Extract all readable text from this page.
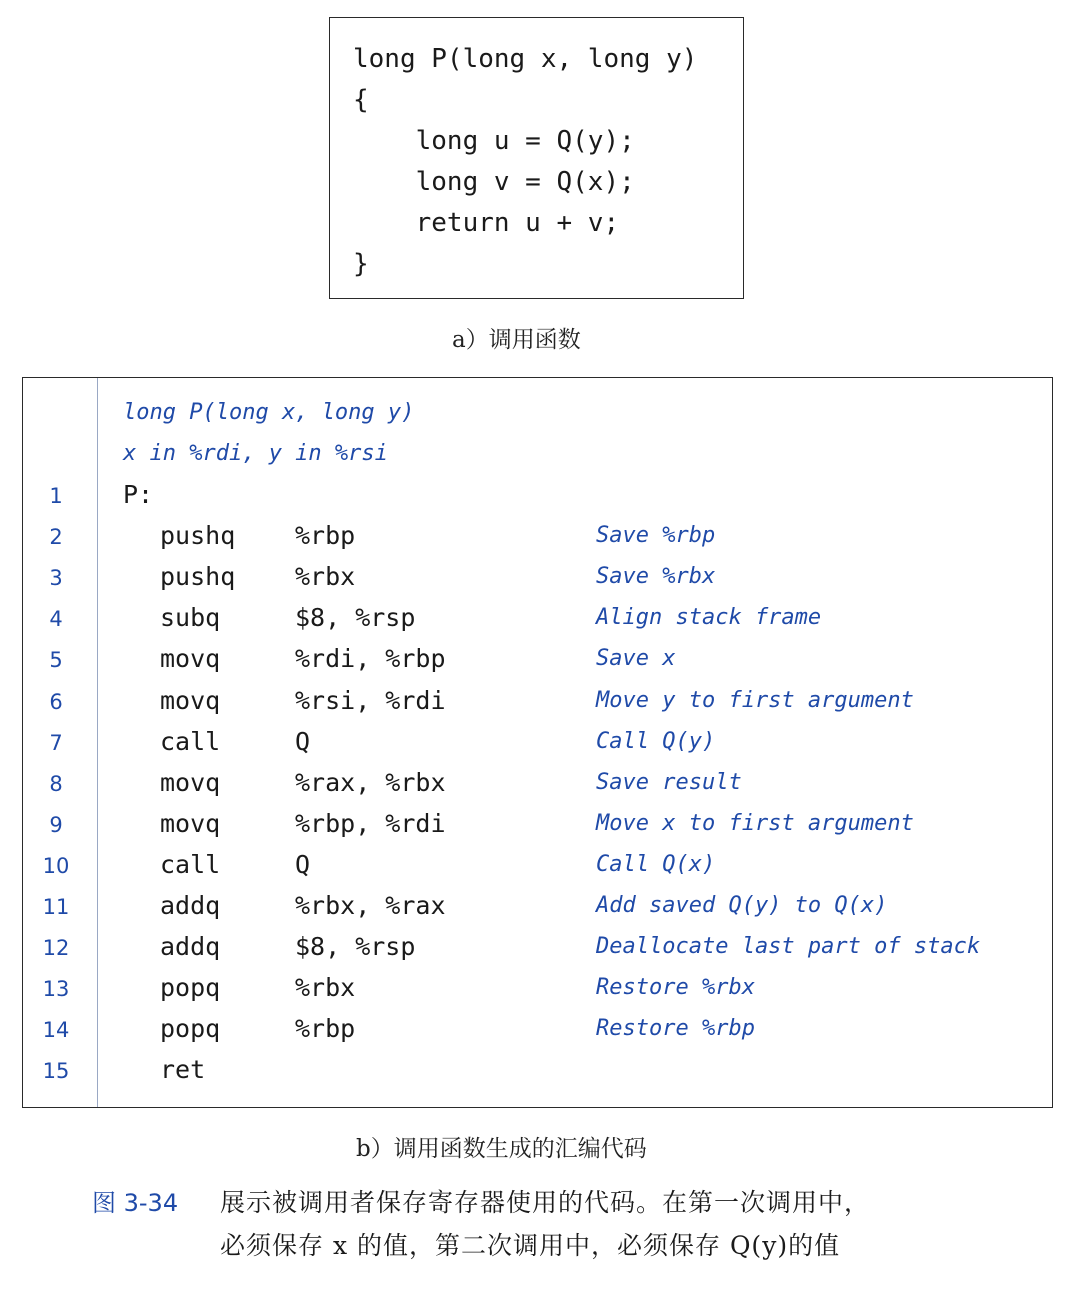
long P(long x, long y)
{
long u = Q(y);
long v = Q(x);
return u + v;
}
a）调用函数
long P(long x, long y)
x in %rdi, y in %rsi
1	P:
2	pushq %rbp	Save %rbp
3	pushq %rbx	Save %rbx
4	subq	$8, %rsp	Align stack frame
5	movq	%rdi, %rbp	Save x
6	movq	%rsi, %rdi	Move y to first argument
7	call	Q	Call Q(y)
8	movq	%rax, %rbx	Save result
9	movq	%rbp, %rdi	Move x to first argument
10	call	Q	Call Q(x)
11	addq	%rbx, %rax	Add saved Q(y) to Q(x)
12	addq	$8, %rsp	Deallocate last part of stack
13	popq	%rbx	Restore %rbx
14	popq	%rbp	Restore %rbp
15	ret
b）调用函数生成的汇编代码
图 3-34 展示被调用者保存寄存器使用的代码。在第一次调用中，
必须保存 x 的值，第二次调用中，必须保存 Q(y)的值
